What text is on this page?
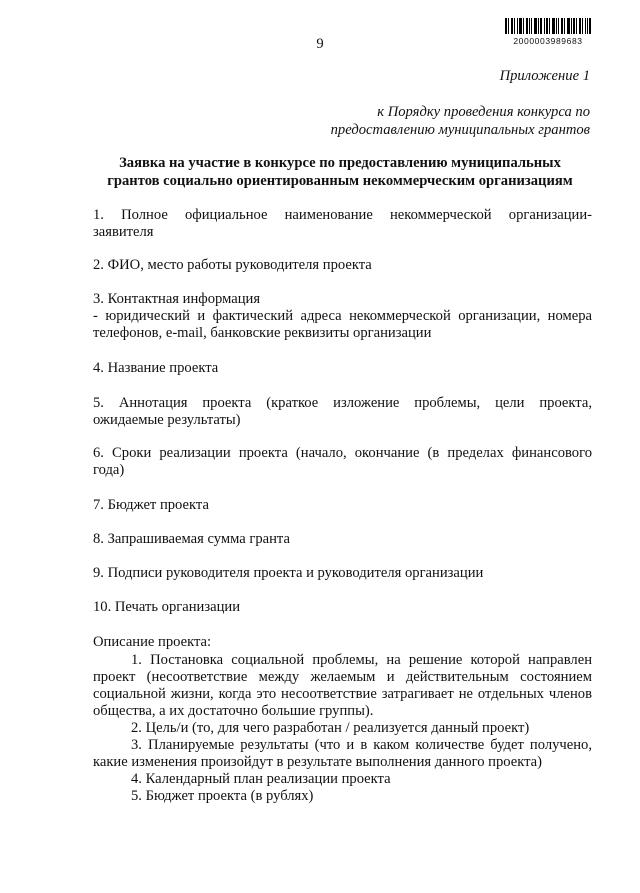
9	2000003989683
Приложение 1
к Порядку проведения конкурса по
предоставлению муниципальных грантов
Заявка на участие в конкурсе по предоставлению муниципальных
грантов социально ориентированным некоммерческим организациям
1. Полное официальное наименование некоммерческой организации-
заявителя
2. ФИО, место работы руководителя проекта
3. Контактная информация
- юридический и фактический адреса некоммерческой организации, номера
телефонов, e-mail, банковские реквизиты организации
4. Название проекта
5. Аннотация проекта (краткое изложение проблемы, цели проекта,
ожидаемые результаты)
6. Сроки реализации проекта (начало, окончание (в пределах финансового
года)
7. Бюджет проекта
8. Запрашиваемая сумма гранта
9. Подписи руководителя проекта и руководителя организации
10. Печать организации
Описание проекта:
1. Постановка социальной проблемы, на решение которой направлен
проект (несоответствие между желаемым и действительным состоянием
социальной жизни, когда это несоответствие затрагивает не отдельных членов
общества, а их достаточно большие группы).
2. Цель/и (то, для чего разработан / реализуется данный проект)
3. Планируемые результаты (что и в каком количестве будет получено,
какие изменения произойдут в результате выполнения данного проекта)
4. Календарный план реализации проекта
5. Бюджет проекта (в рублях)
